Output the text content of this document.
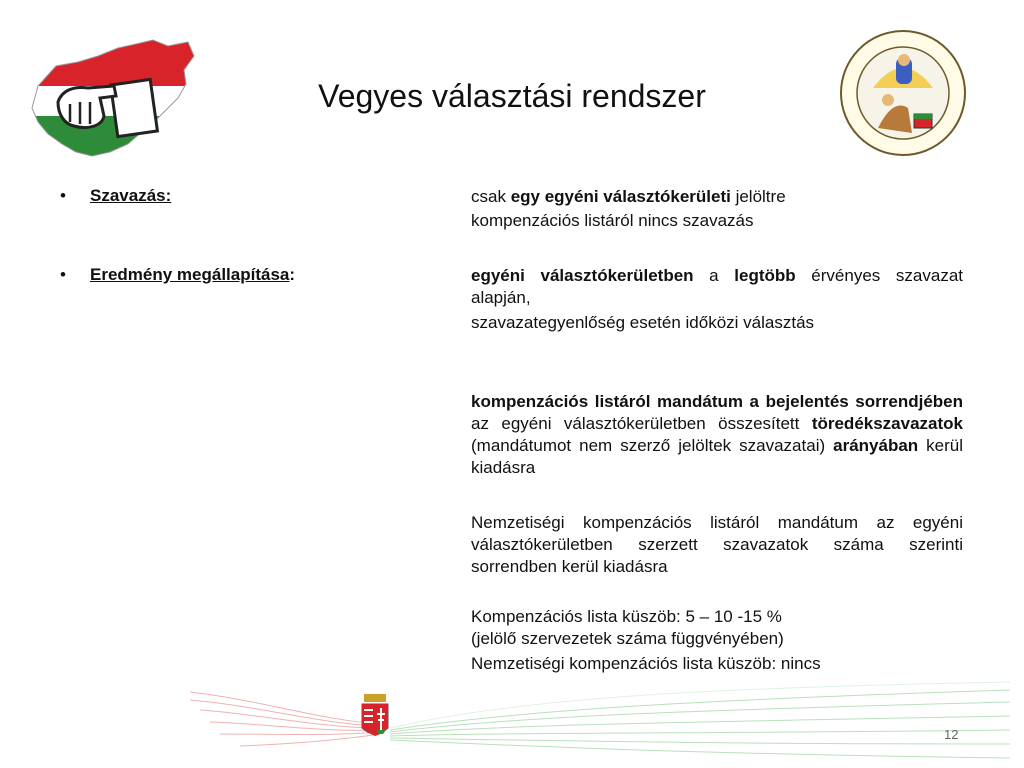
Vegyes választási rendszer
• Szavazás:	csak egy egyéni választókerületi jelöltre

kompenzációs listáról nincs szavazás

• Eredmény megállapítása:	egyéni választókerületben a legtöbb érvényes szavazat alapján,

szavazategyenlőség esetén időközi választás

kompenzációs listáról mandátum a bejelentés sorrendjében az egyéni választókerületben összesített töredékszavazatok (mandátumot nem szerző jelöltek szavazatai) arányában kerül kiadásra

Nemzetiségi kompenzációs listáról mandátum az egyéni választókerületben szerzett szavazatok száma szerinti sorrendben kerül kiadásra

Kompenzációs lista küszöb: 5 – 10 -15 %

(jelölő szervezetek száma függvényében)

Nemzetiségi kompenzációs lista küszöb: nincs

12
